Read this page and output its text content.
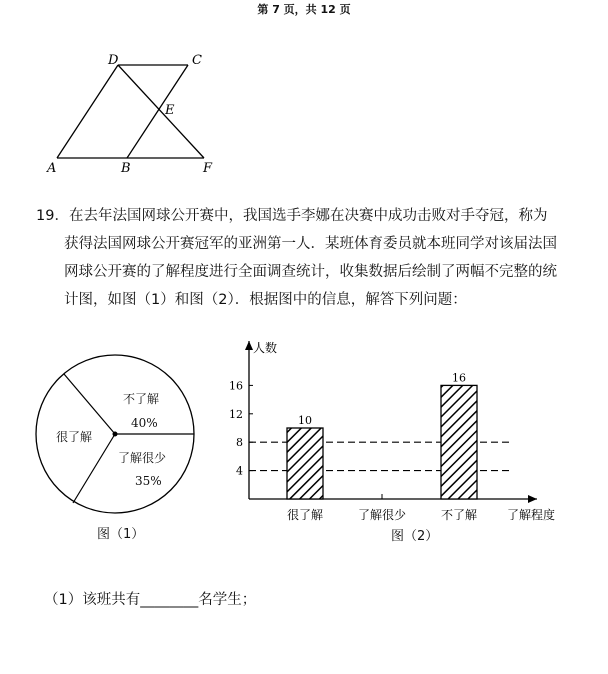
第 7 页，共 12 页
D	C
E
A	B	F

19．在去年法国网球公开赛中，我国选手李娜在决赛中成功击败对手夺冠，称为

获得法国网球公开赛冠军的亚洲第一人．某班体育委员就本班同学对该届法国

网球公开赛的了解程度进行全面调查统计，收集数据后绘制了两幅不完整的统

计图，如图（1）和图（2）．根据图中的信息，解答下列问题：

不了解
40%
了解很少
35%
很了解
图（1）
人数
了解程度
4
8
12
16
很了解
10
了解很少	不了解
16
图（2）
（1）该班共有________名学生；
